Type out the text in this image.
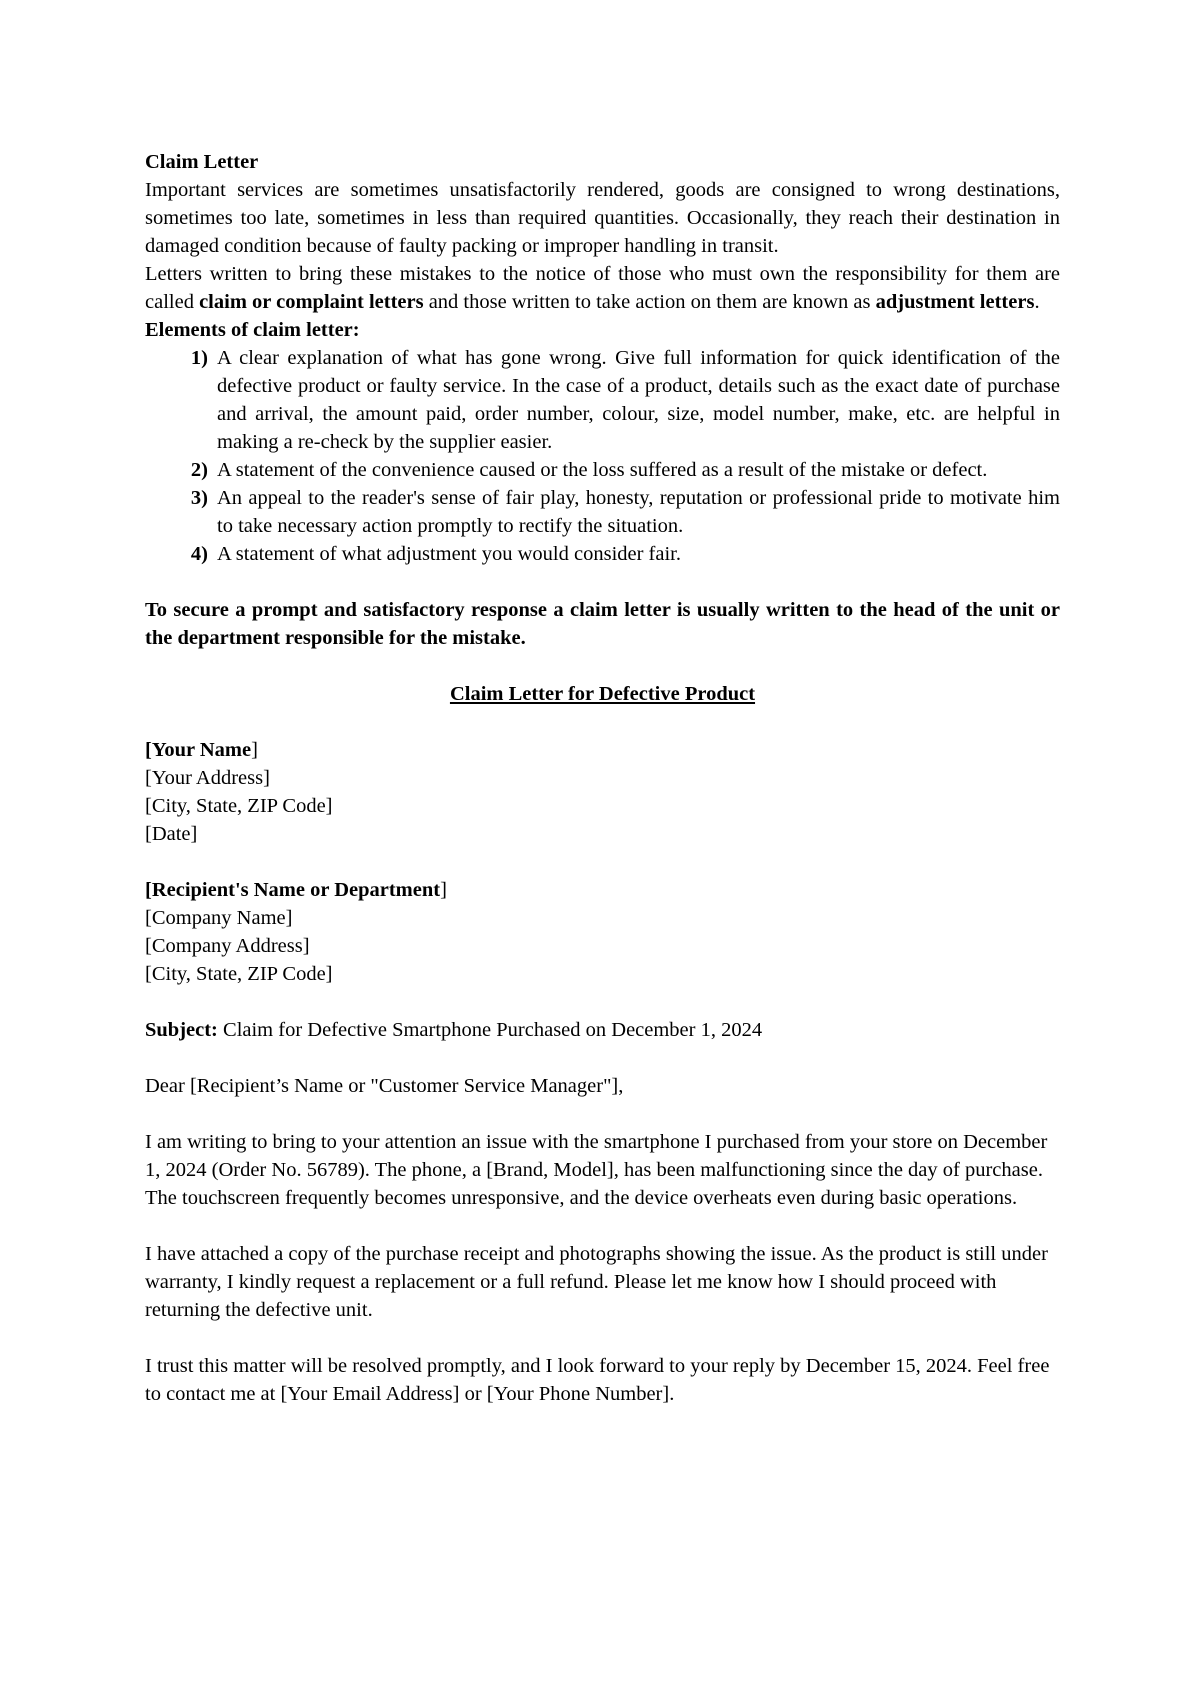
Claim Letter

Important services are sometimes unsatisfactorily rendered, goods are consigned to wrong destinations, sometimes too late, sometimes in less than required quantities. Occasionally, they reach their destination in damaged condition because of faulty packing or improper handling in transit.

Letters written to bring these mistakes to the notice of those who must own the responsibility for them are called claim or complaint letters and those written to take action on them are known as adjustment letters.

Elements of claim letter:

1) A clear explanation of what has gone wrong. Give full information for quick identification of the defective product or faulty service. In the case of a product, details such as the exact date of purchase and arrival, the amount paid, order number, colour, size, model number, make, etc. are helpful in making a re-check by the supplier easier.
2) A statement of the convenience caused or the loss suffered as a result of the mistake or defect.
3) An appeal to the reader's sense of fair play, honesty, reputation or professional pride to motivate him to take necessary action promptly to rectify the situation.
4) A statement of what adjustment you would consider fair.

To secure a prompt and satisfactory response a claim letter is usually written to the head of the unit or the department responsible for the mistake.

Claim Letter for Defective Product

[Your Name]

[Your Address]

[City, State, ZIP Code]

[Date]

[Recipient's Name or Department]

[Company Name]

[Company Address]

[City, State, ZIP Code]

Subject: Claim for Defective Smartphone Purchased on December 1, 2024

Dear [Recipient’s Name or "Customer Service Manager"],

I am writing to bring to your attention an issue with the smartphone I purchased from your store on December 1, 2024 (Order No. 56789). The phone, a [Brand, Model], has been malfunctioning since the day of purchase. The touchscreen frequently becomes unresponsive, and the device overheats even during basic operations.

I have attached a copy of the purchase receipt and photographs showing the issue. As the product is still under warranty, I kindly request a replacement or a full refund. Please let me know how I should proceed with returning the defective unit.

I trust this matter will be resolved promptly, and I look forward to your reply by December 15, 2024. Feel free to contact me at [Your Email Address] or [Your Phone Number].
